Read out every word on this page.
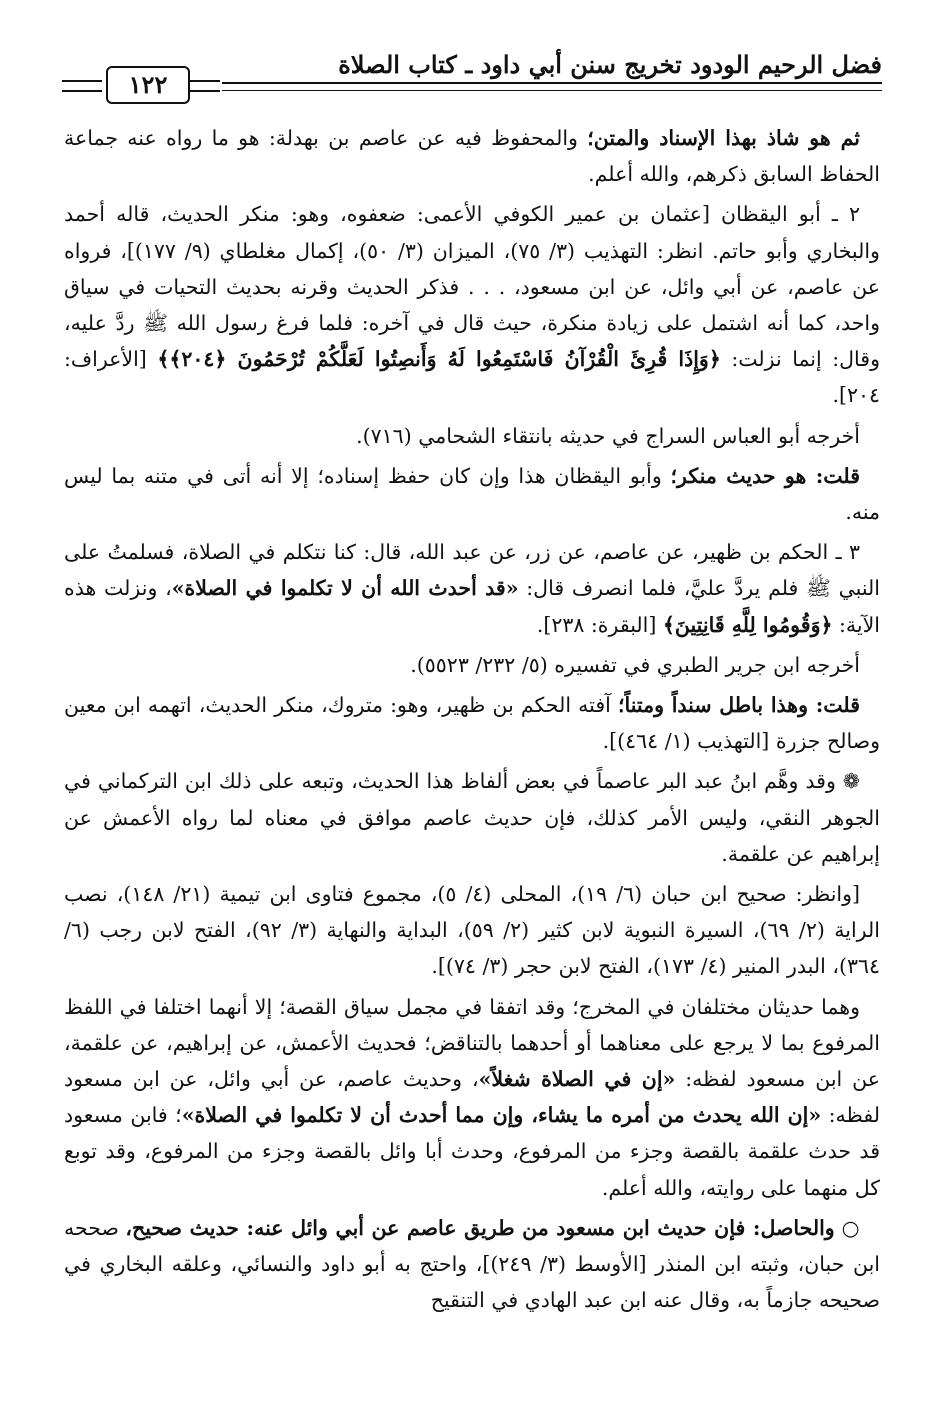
فضل الرحيم الودود تخريج سنن أبي داود ـ كتاب الصلاة
١٢٢

ثم هو شاذ بهذا الإسناد والمتن؛ والمحفوظ فيه عن عاصم بن بهدلة: هو ما رواه عنه جماعة الحفاظ السابق ذكرهم، والله أعلم.

٢ ـ أبو اليقظان [عثمان بن عمير الكوفي الأعمى: ضعفوه، وهو: منكر الحديث، قاله أحمد والبخاري وأبو حاتم. انظر: التهذيب (٣/ ٧٥)، الميزان (٣/ ٥٠)، إكمال مغلطاي (٩/ ١٧٧)]، فرواه عن عاصم، عن أبي وائل، عن ابن مسعود، . . . فذكر الحديث وقرنه بحديث التحيات في سياق واحد، كما أنه اشتمل على زيادة منكرة، حيث قال في آخره: فلما فرغ رسول الله ﷺ ردَّ عليه، وقال: إنما نزلت: ﴿وَإِذَا قُرِئَ الْقُرْآنُ فَاسْتَمِعُوا لَهُ وَأَنصِتُوا لَعَلَّكُمْ تُرْحَمُونَ ﴿٢٠٤﴾﴾ [الأعراف: ٢٠٤].

أخرجه أبو العباس السراج في حديثه بانتقاء الشحامي (٧١٦).

قلت: هو حديث منكر؛ وأبو اليقظان هذا وإن كان حفظ إسناده؛ إلا أنه أتى في متنه بما ليس منه.

٣ ـ الحكم بن ظهير، عن عاصم، عن زر، عن عبد الله، قال: كنا نتكلم في الصلاة، فسلمتُ على النبي ﷺ فلم يردَّ عليَّ، فلما انصرف قال: «قد أحدث الله أن لا تكلموا في الصلاة»، ونزلت هذه الآية: ﴿وَقُومُوا لِلَّهِ قَانِتِينَ﴾ [البقرة: ٢٣٨].

أخرجه ابن جرير الطبري في تفسيره (٥/ ٢٣٢/ ٥٥٢٣).

قلت: وهذا باطل سنداً ومتناً؛ آفته الحكم بن ظهير، وهو: متروك، منكر الحديث، اتهمه ابن معين وصالح جزرة [التهذيب (١/ ٤٦٤)].

❁ وقد وهَّم ابنُ عبد البر عاصماً في بعض ألفاظ هذا الحديث، وتبعه على ذلك ابن التركماني في الجوهر النقي، وليس الأمر كذلك، فإن حديث عاصم موافق في معناه لما رواه الأعمش عن إبراهيم عن علقمة.

[وانظر: صحيح ابن حبان (٦/ ١٩)، المحلى (٤/ ٥)، مجموع فتاوى ابن تيمية (٢١/ ١٤٨)، نصب الراية (٢/ ٦٩)، السيرة النبوية لابن كثير (٢/ ٥٩)، البداية والنهاية (٣/ ٩٢)، الفتح لابن رجب (٦/ ٣٦٤)، البدر المنير (٤/ ١٧٣)، الفتح لابن حجر (٣/ ٧٤)].

وهما حديثان مختلفان في المخرج؛ وقد اتفقا في مجمل سياق القصة؛ إلا أنهما اختلفا في اللفظ المرفوع بما لا يرجع على معناهما أو أحدهما بالتناقض؛ فحديث الأعمش، عن إبراهيم، عن علقمة، عن ابن مسعود لفظه: «إن في الصلاة شغلاً»، وحديث عاصم، عن أبي وائل، عن ابن مسعود لفظه: «إن الله يحدث من أمره ما يشاء، وإن مما أحدث أن لا تكلموا في الصلاة»؛ فابن مسعود قد حدث علقمة بالقصة وجزء من المرفوع، وحدث أبا وائل بالقصة وجزء من المرفوع، وقد توبع كل منهما على روايته، والله أعلم.

○ والحاصل: فإن حديث ابن مسعود من طريق عاصم عن أبي وائل عنه: حديث صحيح، صححه ابن حبان، وثبته ابن المنذر [الأوسط (٣/ ٢٤٩)]، واحتج به أبو داود والنسائي، وعلقه البخاري في صحيحه جازماً به، وقال عنه ابن عبد الهادي في التنقيح
